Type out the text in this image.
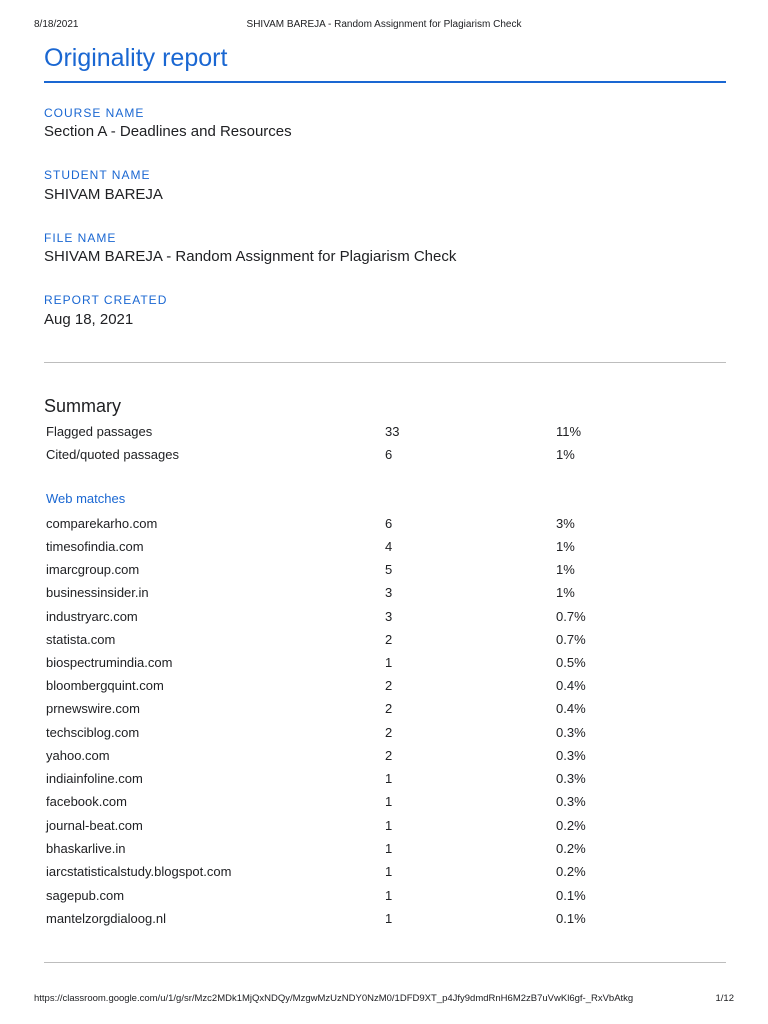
8/18/2021	SHIVAM BAREJA - Random Assignment for Plagiarism Check
Originality report
COURSE NAME
Section A - Deadlines and Resources
STUDENT NAME
SHIVAM BAREJA
FILE NAME
SHIVAM BAREJA - Random Assignment for Plagiarism Check
REPORT CREATED
Aug 18, 2021
Summary
Flagged passages	33	11%
Cited/quoted passages	6	1%
Web matches
comparekarho.com	6	3%
timesofindia.com	4	1%
imarcgroup.com	5	1%
businessinsider.in	3	1%
industryarc.com	3	0.7%
statista.com	2	0.7%
biospectrumindia.com	1	0.5%
bloombergquint.com	2	0.4%
prnewswire.com	2	0.4%
techsciblog.com	2	0.3%
yahoo.com	2	0.3%
indiainfoline.com	1	0.3%
facebook.com	1	0.3%
journal-beat.com	1	0.2%
bhaskarlive.in	1	0.2%
iarcstatisticalstudy.blogspot.com	1	0.2%
sagepub.com	1	0.1%
mantelzorgdialoog.nl	1	0.1%
https://classroom.google.com/u/1/g/sr/Mzc2MDk1MjQxNDQy/MzgwMzUzNDY0NzM0/1DFD9XT_p4Jfy9dmdRnH6M2zB7uVwKl6gf-_RxVbAtkg	1/12
